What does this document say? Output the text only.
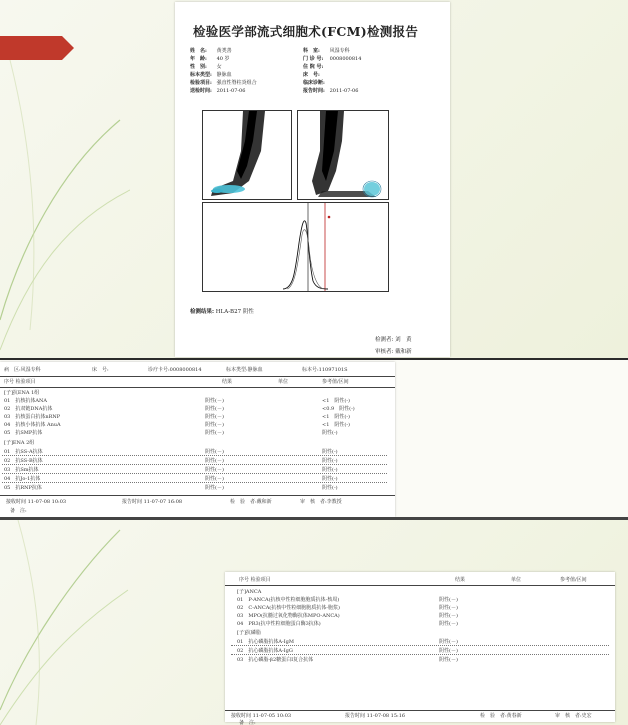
检验医学部流式细胞术(FCM)检测报告
姓　名: 黄类善
年　龄: 40 岁
性　别: 女
标本类型: 静脉血
检验项目: 强直性脊柱炎组合
送检时间: 2011-07-06
科　室: 风湿专科
门 诊 号: 0008000814
住 院 号:
床　号:
临床诊断:
报告时间: 2011-07-06
检测结果: HLA-B27 阴性
检测者: 刘　黄
审核者: 戴和新
病　区:风湿专科	床　号:	诊疗卡号:0008000814	标本类型:静脉血	标本号:11097101S
序号 检验项目	结果	单位	参考值/区间
[子]抗ENA 1组
01　抗核抗体ANA	阴性(－)	<1　阴性(-)
02　抗双链DNA抗体	阴性(－)	<0.9　阴性(-)
03　抗核蛋白抗体nRNP	阴性(－)	<1　阴性(-)
04　抗核小体抗体 AnuA	阴性(－)	<1　阴性(-)
05　抗SMP抗体	阴性(－)	阴性(-)
[子]ENA 2组
01　抗SS-A抗体	阴性(－)	阴性(-)
02　抗SS-B抗体	阴性(－)	阴性(-)
03　抗Sm抗体	阴性(－)	阴性(-)
04　抗Jo-1抗体	阴性(－)	阴性(-)
05　抗RNP抗体	阴性(－)	阴性(-)
接收时间 11-07-08 10:03	报告时间 11-07-07 16:08	检　验　者:戴和新	审　核　者:李教授
备　注:
序号 检验项目	结果	单位	参考值/区间
[子]ANCA
01　P-ANCA(抗核中性粒细胞胞质抗体-核周)	阴性(－)
02　C-ANCA(抗核中性粒细胞胞质抗体-胞浆)	阴性(－)
03　MPO(抗髓过氧化物酶抗体MPO-ANCA)	阴性(－)
04　PR3(抗中性粒细胞蛋白酶3抗体)	阴性(－)
[子]抗磷脂
01　抗心磷脂抗体A-IgM	阴性(－)
02　抗心磷脂抗体A-IgG	阴性(－)
03　抗心磷脂-β2糖蛋白I复合抗体	阴性(－)
接收时间 11-07-05 10:03	报告时间 11-07-08 15:16	检　验　者:黄春新	审　核　者:史宏
备　注:
